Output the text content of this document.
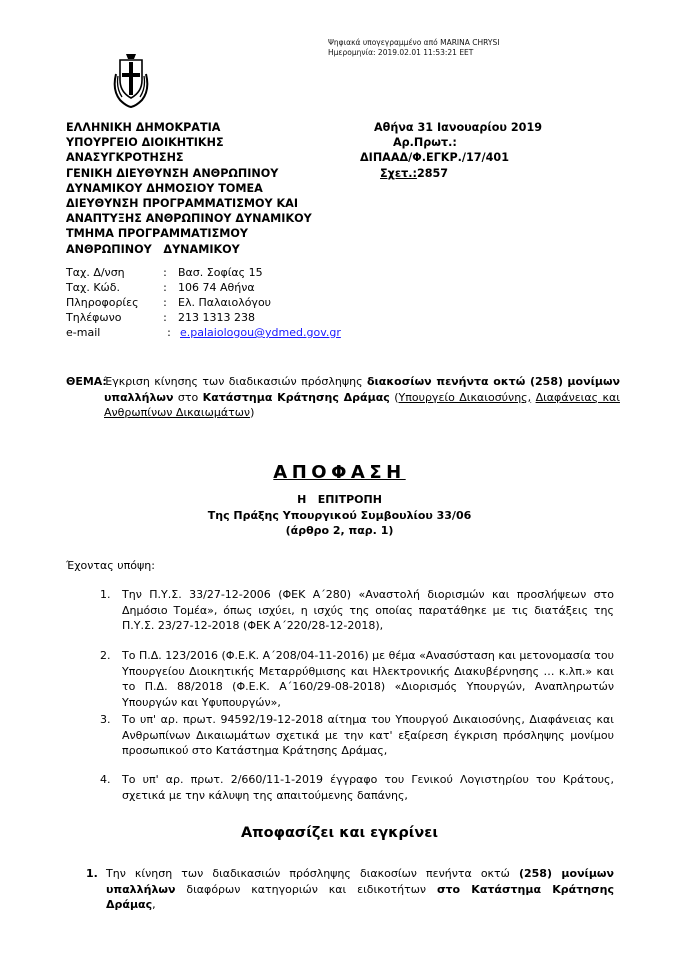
Ψηφιακά υπογεγραμμένο από MARINA CHRYSI
Ημερομηνία: 2019.02.01 11:53:21 EET
ΕΛΛΗΝΙΚΗ ΔΗΜΟΚΡΑΤΙΑ
ΥΠΟΥΡΓΕΙΟ ΔΙΟΙΚΗΤΙΚΗΣ
ΑΝΑΣΥΓΚΡΟΤΗΣΗΣ
ΓΕΝΙΚΗ ΔΙΕΥΘΥΝΣΗ ΑΝΘΡΩΠΙΝΟΥ
ΔΥΝΑΜΙΚΟΥ ΔΗΜΟΣΙΟΥ ΤΟΜΕΑ
ΔΙΕΥΘΥΝΣΗ ΠΡΟΓΡΑΜΜΑΤΙΣΜΟΥ ΚΑΙ
ΑΝΑΠΤΥΞΗΣ ΑΝΘΡΩΠΙΝΟΥ ΔΥΝΑΜΙΚΟΥ
ΤΜΗΜΑ ΠΡΟΓΡΑΜΜΑΤΙΣΜΟΥ
ΑΝΘΡΩΠΙΝΟΥ   ΔΥΝΑΜΙΚΟΥ
Αθήνα 31 Ιανουαρίου 2019
Αρ.Πρωτ.:
ΔΙΠΑΑΔ/Φ.ΕΓΚΡ./17/401
Σχετ.:2857
Ταχ. Δ/νση	:	Βασ. Σοφίας 15
Ταχ. Κώδ.	:	106 74 Αθήνα
Πληροφορίες	:	Ελ. Παλαιολόγου
Τηλέφωνο	:	213 1313 238
e-mail	: e.palaiologou@ydmed.gov.gr
ΘΕΜΑ:
Έγκριση κίνησης των διαδικασιών πρόσληψης διακοσίων πενήντα οκτώ (258) μονίμων υπαλλήλων στο Κατάστημα Κράτησης Δράμας (Υπουργείο Δικαιοσύνης, Διαφάνειας και Ανθρωπίνων Δικαιωμάτων)
ΑΠΟΦΑΣΗ
Η   ΕΠΙΤΡΟΠΗ
Της Πράξης Υπουργικού Συμβουλίου 33/06
(άρθρο 2, παρ. 1)
Έχοντας υπόψη:
1. Την Π.Υ.Σ. 33/27-12-2006 (ΦΕΚ Α΄280) «Αναστολή διορισμών και προσλήψεων στο Δημόσιο Τομέα», όπως ισχύει, η ισχύς της οποίας παρατάθηκε με τις διατάξεις της Π.Υ.Σ. 23/27-12-2018 (ΦΕΚ Α΄220/28-12-2018),
2. Το Π.Δ. 123/2016 (Φ.Ε.Κ. Α΄208/04-11-2016) με θέμα «Ανασύσταση και μετονομασία του Υπουργείου Διοικητικής Μεταρρύθμισης και Ηλεκτρονικής Διακυβέρνησης … κ.λπ.» και το Π.Δ. 88/2018 (Φ.Ε.Κ. Α΄160/29-08-2018) «Διορισμός Υπουργών, Αναπληρωτών Υπουργών και Υφυπουργών»,
3. Το υπ' αρ. πρωτ. 94592/19-12-2018 αίτημα του Υπουργού Δικαιοσύνης, Διαφάνειας και Ανθρωπίνων Δικαιωμάτων σχετικά με την κατ' εξαίρεση έγκριση πρόσληψης μονίμου προσωπικού στο Κατάστημα Κράτησης Δράμας,
4. Το υπ' αρ. πρωτ. 2/660/11-1-2019 έγγραφο του Γενικού Λογιστηρίου του Κράτους, σχετικά με την κάλυψη της απαιτούμενης δαπάνης,
Αποφασίζει και εγκρίνει
1. Την κίνηση των διαδικασιών πρόσληψης διακοσίων πενήντα οκτώ (258) μονίμων υπαλλήλων διαφόρων κατηγοριών και ειδικοτήτων στο Κατάστημα Κράτησης Δράμας,
